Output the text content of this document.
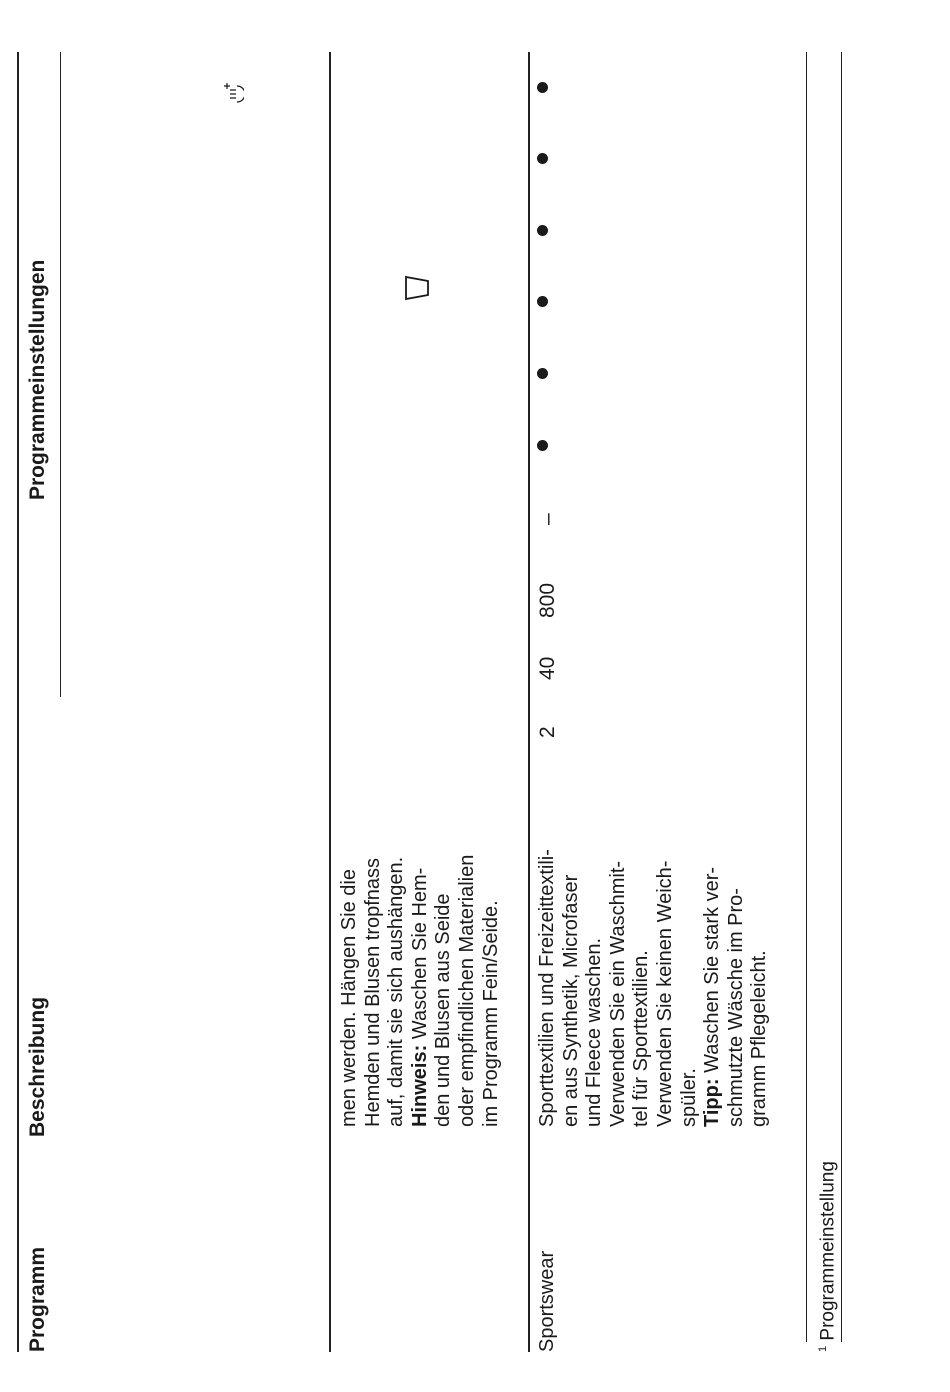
Programm
Beschreibung
Programmeinstellungen

men werden. Hängen Sie die Hemden und Blusen tropfnass auf, damit sie sich aushängen. Hinweis: Waschen Sie Hem- den und Blusen aus Seide oder empfindlichen Materialien im Programm Fein/Seide.

Sportswear

Sporttextilien und Freizeittextili- en aus Synthetik, Microfaser und Fleece waschen. Verwenden Sie ein Waschmit- tel für Sporttextilien. Verwenden Sie keinen Weich- spüler. Tipp: Waschen Sie stark ver- schmutzte Wäsche im Pro- gramm Pflegeleicht.

2
40
800
–
$^1$ Programmeinstellung
